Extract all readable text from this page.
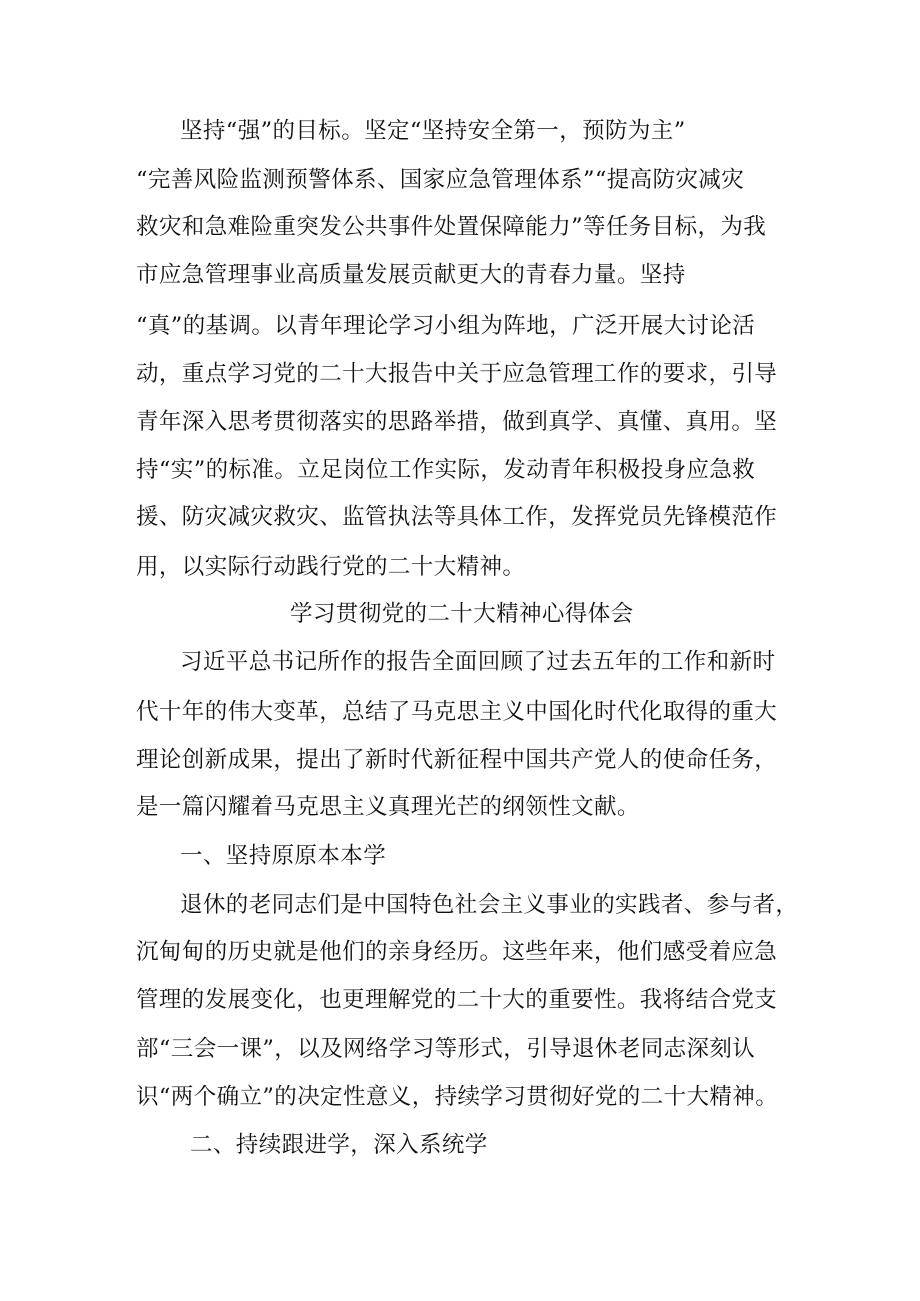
坚持“强”的目标。坚定“坚持安全第一，预防为主”
“完善风险监测预警体系、国家应急管理体系”“提高防灾减灾
救灾和急难险重突发公共事件处置保障能力”等任务目标，为我
市应急管理事业高质量发展贡献更大的青春力量。坚持
“真”的基调。以青年理论学习小组为阵地，广泛开展大讨论活
动，重点学习党的二十大报告中关于应急管理工作的要求，引导
青年深入思考贯彻落实的思路举措，做到真学、真懂、真用。坚
持“实”的标准。立足岗位工作实际，发动青年积极投身应急救
援、防灾减灾救灾、监管执法等具体工作，发挥党员先锋模范作
用，以实际行动践行党的二十大精神。
学习贯彻党的二十大精神心得体会
习近平总书记所作的报告全面回顾了过去五年的工作和新时
代十年的伟大变革，总结了马克思主义中国化时代化取得的重大
理论创新成果，提出了新时代新征程中国共产党人的使命任务，
是一篇闪耀着马克思主义真理光芒的纲领性文献。
一、坚持原原本本学
退休的老同志们是中国特色社会主义事业的实践者、参与者，
沉甸甸的历史就是他们的亲身经历。这些年来，他们感受着应急
管理的发展变化，也更理解党的二十大的重要性。我将结合党支
部“三会一课”，以及网络学习等形式，引导退休老同志深刻认
识“两个确立”的决定性意义，持续学习贯彻好党的二十大精神。
二、持续跟进学，深入系统学
